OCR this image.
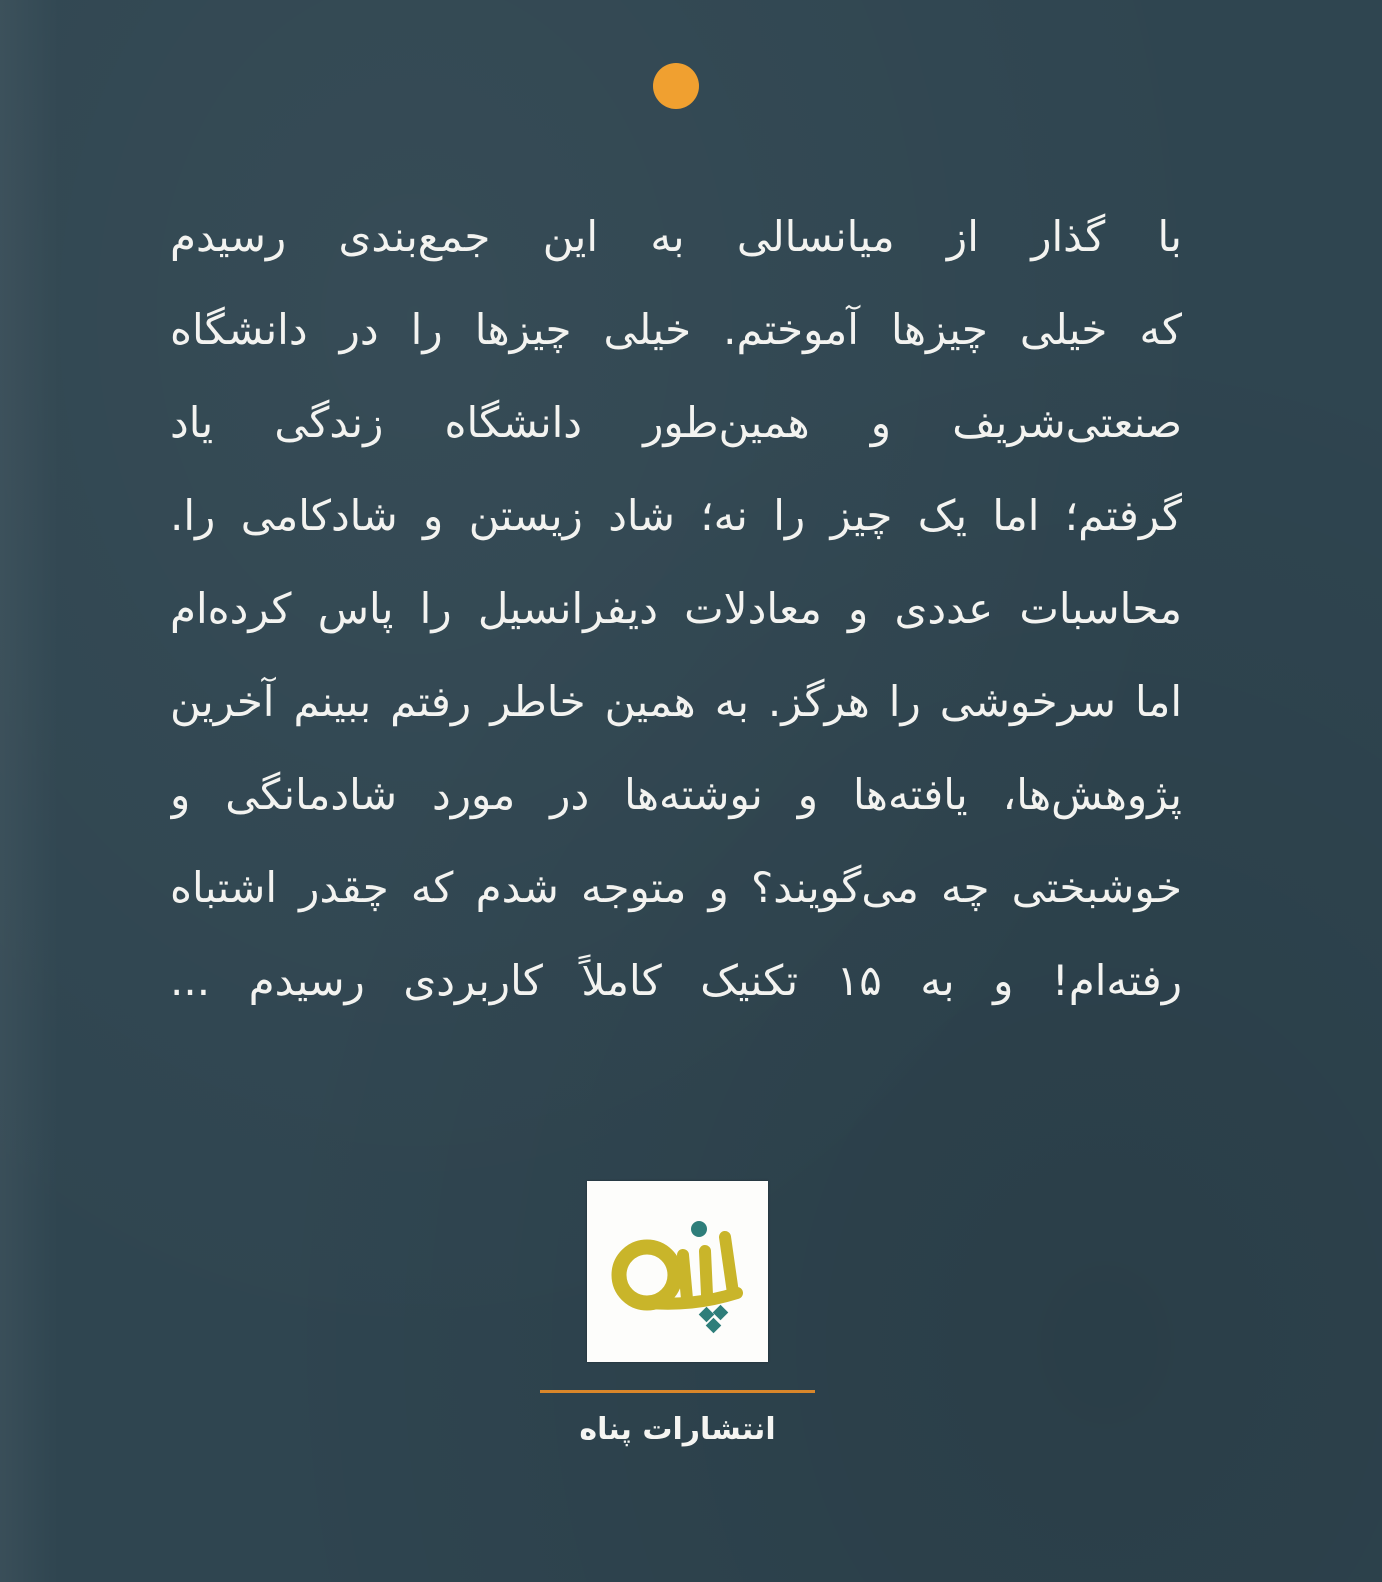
با گذار از میانسالی به این جمع‌بندی رسیدم
که خیلی چیزها آموختم. خیلی چیزها را در دانشگاه
صنعتی‌شریف و همین‌طور دانشگاه زندگی یاد
گرفتم؛ اما یک چیز را نه؛ شاد زیستن و شادکامی را.
محاسبات عددی و معادلات دیفرانسیل را پاس کرده‌ام
اما سرخوشی را هرگز. به همین خاطر رفتم ببینم آخرین
پژوهش‌ها، یافته‌ها و نوشته‌ها در مورد شادمانگی و
خوشبختی چه می‌گویند؟ و متوجه شدم که چقدر اشتباه
رفته‌ام! و به ۱۵ تکنیک کاملاً کاربردی رسیدم ...
انتشارات پناه
